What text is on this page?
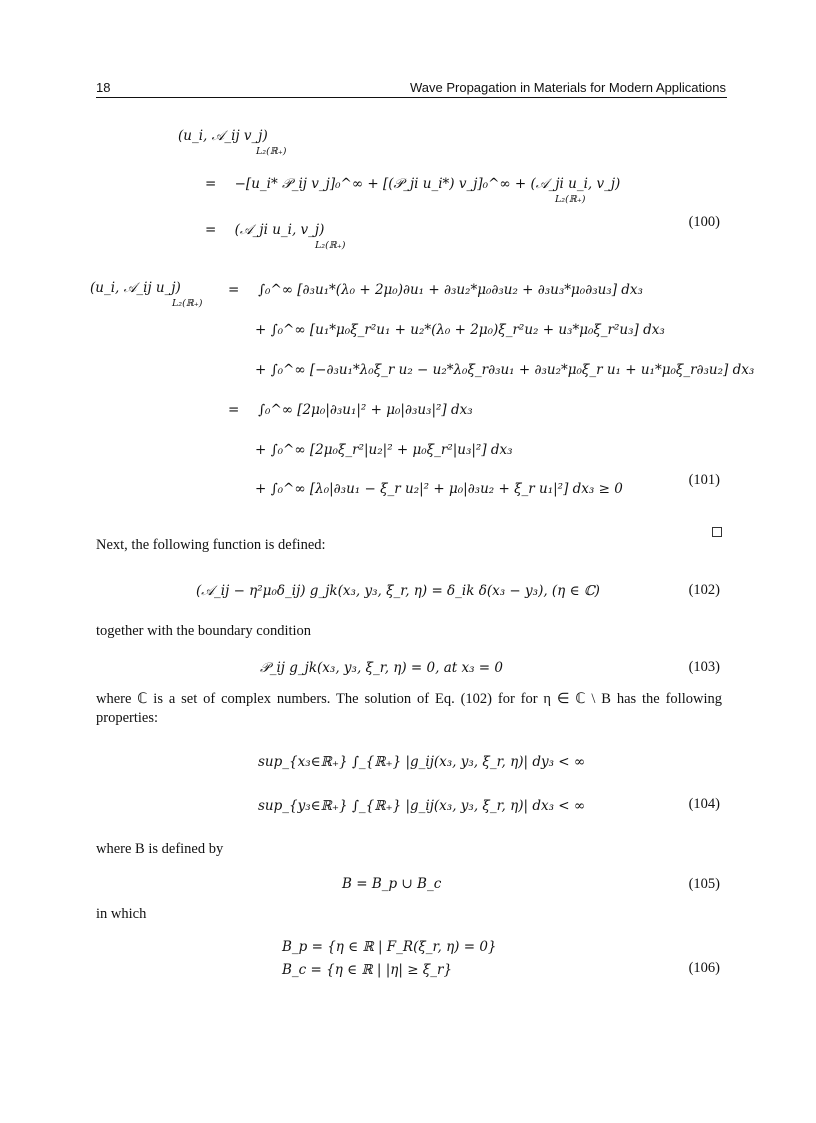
18	Wave Propagation in Materials for Modern Applications
(u_i, 𝒜_ij v_j)
L₂(ℝ₊)
= −[u_i* 𝒫_ij v_j]₀^∞ + [(𝒫_ji u_i*) v_j]₀^∞ + (𝒜_ji u_i, v_j)
L₂(ℝ₊)
= (𝒜_ji u_i, v_j)
L₂(ℝ₊)
(100)
(u_i, 𝒜_ij u_j)
L₂(ℝ₊)
= ∫₀^∞ [∂₃u₁*(λ₀ + 2μ₀)∂u₁ + ∂₃u₂*μ₀∂₃u₂ + ∂₃u₃*μ₀∂₃u₃] dx₃
+ ∫₀^∞ [u₁*μ₀ξ_r²u₁ + u₂*(λ₀ + 2μ₀)ξ_r²u₂ + u₃*μ₀ξ_r²u₃] dx₃
+ ∫₀^∞ [−∂₃u₁*λ₀ξ_r u₂ − u₂*λ₀ξ_r∂₃u₁ + ∂₃u₂*μ₀ξ_r u₁ + u₁*μ₀ξ_r∂₃u₂] dx₃
= ∫₀^∞ [2μ₀|∂₃u₁|² + μ₀|∂₃u₃|²] dx₃
+ ∫₀^∞ [2μ₀ξ_r²|u₂|² + μ₀ξ_r²|u₃|²] dx₃
+ ∫₀^∞ [λ₀|∂₃u₁ − ξ_r u₂|² + μ₀|∂₃u₂ + ξ_r u₁|²] dx₃ ≥ 0
(101)
Next, the following function is defined:
(𝒜_ij − η²μ₀δ_ij) g_jk(x₃, y₃, ξ_r, η) = δ_ik δ(x₃ − y₃), (η ∈ ℂ)	(102)
together with the boundary condition
𝒫_ij g_jk(x₃, y₃, ξ_r, η) = 0, at x₃ = 0	(103)
where ℂ is a set of complex numbers. The solution of Eq. (102) for for η ∈ ℂ \ B has the following properties:
sup_{x₃∈ℝ₊} ∫_{ℝ₊} |g_ij(x₃, y₃, ξ_r, η)| dy₃ < ∞
sup_{y₃∈ℝ₊} ∫_{ℝ₊} |g_ij(x₃, y₃, ξ_r, η)| dx₃ < ∞	(104)
where B is defined by
B = B_p ∪ B_c	(105)
in which
B_p = {η ∈ ℝ | F_R(ξ_r, η) = 0}
B_c = {η ∈ ℝ | |η| ≥ ξ_r}	(106)
